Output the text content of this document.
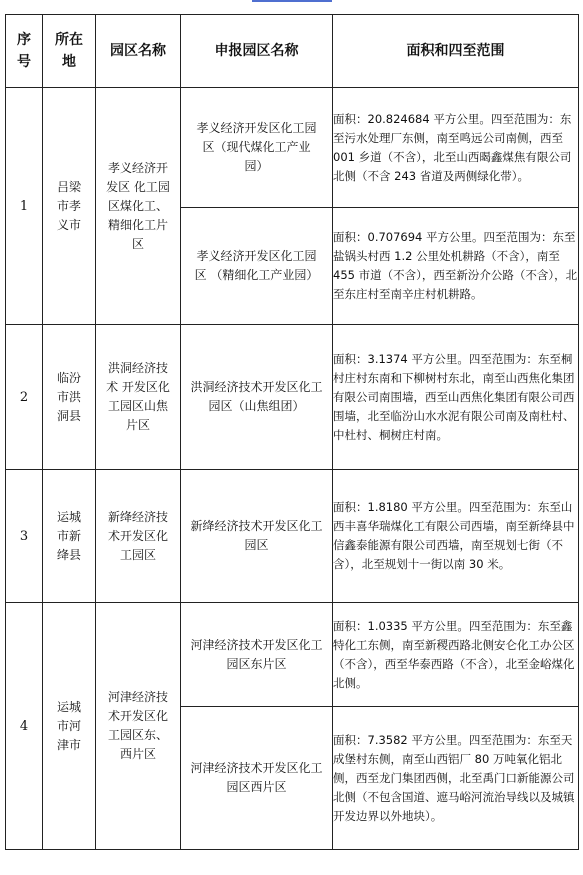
序号	所在地	园区名称	申报园区名称	面积和四至范围
1	吕梁市孝义市	孝义经济开发区 化工园区煤化工、精细化工片区	孝义经济开发区化工园区（现代煤化工产业园）	面积：20.824684 平方公里。四至范围为：东至污水处理厂东侧，南至鸣远公司南侧，西至 001 乡道（不含），北至山西暍鑫煤焦有限公司北侧（不含 243 省道及两侧绿化带）。
			孝义经济开发区化工园区 （精细化工产业园）	面积：0.707694 平方公里。四至范围为：东至盐锅头村西 1.2 公里处机耕路（不含），南至 455 市道（不含），西至新汾介公路（不含），北至东庄村至南辛庄村机耕路。
2	临汾市洪洞县	洪洞经济技术 开发区化工园区山焦片区	洪洞经济技术开发区化工园区（山焦组团）	面积：3.1374 平方公里。四至范围为：东至桐村庄村东南和下柳树村东北，南至山西焦化集团有限公司南围墙，西至山西焦化集团有限公司西围墙，北至临汾山水水泥有限公司南及南杜村、中杜村、桐树庄村南。
3	运城市新绛县	新绛经济技术开发区化工园区	新绛经济技术开发区化工园区	面积：1.8180 平方公里。四至范围为：东至山西丰喜华瑞煤化工有限公司西墙，南至新绛县中信鑫泰能源有限公司西墙，南至规划七街（不含），北至规划十一街以南 30 米。
4	运城市河津市	河津经济技术开发区化工园区东、西片区	河津经济技术开发区化工园区东片区	面积：1.0335 平方公里。四至范围为：东至鑫特化工东侧，南至新稷西路北侧安仑化工办公区（不含），西至华泰西路（不含），北至金峪煤化北侧。
			河津经济技术开发区化工园区西片区	面积：7.3582 平方公里。四至范围为：东至天成堡村东侧，南至山西铝厂 80 万吨氧化铝北侧，西至龙门集团西侧，北至禹门口新能源公司北侧（不包含国道、遮马峪河流治导线以及城镇开发边界以外地块）。
